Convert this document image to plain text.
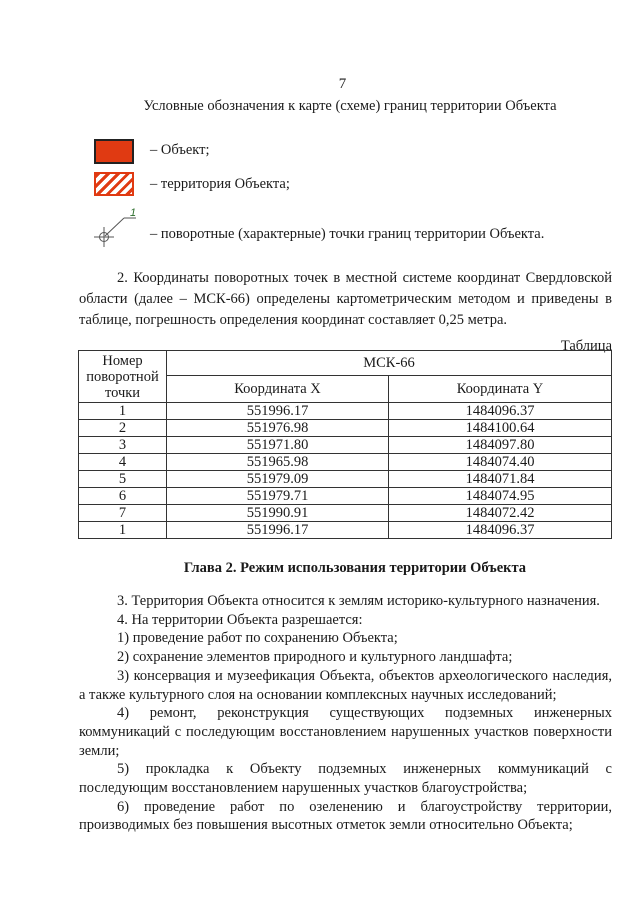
7
Условные обозначения к карте (схеме) границ территории Объекта
– Объект;
– территория Объекта;
1
– поворотные (характерные) точки границ территории Объекта.
2. Координаты поворотных точек в местной системе координат Свердловской области (далее – МСК-66) определены картометрическим методом и приведены в таблице, погрешность определения координат составляет 0,25 метра.
Таблица
Номер поворотной точки	МСК-66	
	Координата X	Координата Y
1	551996.17	1484096.37
2	551976.98	1484100.64
3	551971.80	1484097.80
4	551965.98	1484074.40
5	551979.09	1484071.84
6	551979.71	1484074.95
7	551990.91	1484072.42
1	551996.17	1484096.37
Глава 2. Режим использования территории Объекта

3. Территория Объекта относится к землям историко-культурного назначения.

4. На территории Объекта разрешается:

1) проведение работ по сохранению Объекта;

2) сохранение элементов природного и культурного ландшафта;

3) консервация и музеефикация Объекта, объектов археологического наследия, а также культурного слоя на основании комплексных научных исследований;

4) ремонт, реконструкция существующих подземных инженерных коммуникаций с последующим восстановлением нарушенных участков поверхности земли;

5) прокладка к Объекту подземных инженерных коммуникаций с последующим восстановлением нарушенных участков благоустройства;

6) проведение работ по озеленению и благоустройству территории, производимых без повышения высотных отметок земли относительно Объекта;
